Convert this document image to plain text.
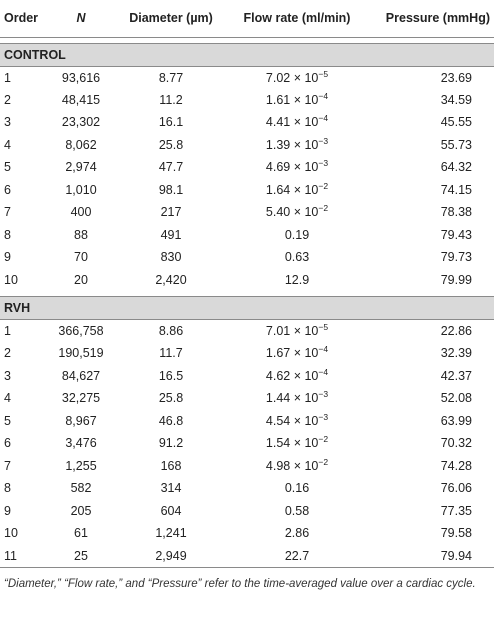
Order	N	Diameter (µm)	Flow rate (ml/min)	Pressure (mmHg)

CONTROL				
1	93,616	8.77	$7.02 \times 10^{-5}$	23.69
2	48,415	11.2	$1.61 \times 10^{-4}$	34.59
3	23,302	16.1	$4.41 \times 10^{-4}$	45.55
4	8,062	25.8	$1.39 \times 10^{-3}$	55.73
5	2,974	47.7	$4.69 \times 10^{-3}$	64.32
6	1,010	98.1	$1.64 \times 10^{-2}$	74.15
7	400	217	$5.40 \times 10^{-2}$	78.38
8	88	491	0.19	79.43
9	70	830	0.63	79.73
10	20	2,420	12.9	79.99

RVH				
1	366,758	8.86	$7.01 \times 10^{-5}$	22.86
2	190,519	11.7	$1.67 \times 10^{-4}$	32.39
3	84,627	16.5	$4.62 \times 10^{-4}$	42.37
4	32,275	25.8	$1.44 \times 10^{-3}$	52.08
5	8,967	46.8	$4.54 \times 10^{-3}$	63.99
6	3,476	91.2	$1.54 \times 10^{-2}$	70.32
7	1,255	168	$4.98 \times 10^{-2}$	74.28
8	582	314	0.16	76.06
9	205	604	0.58	77.35
10	61	1,241	2.86	79.58
11	25	2,949	22.7	79.94
“Diameter,” “Flow rate,” and “Pressure” refer to the time-averaged value over a cardiac cycle.
